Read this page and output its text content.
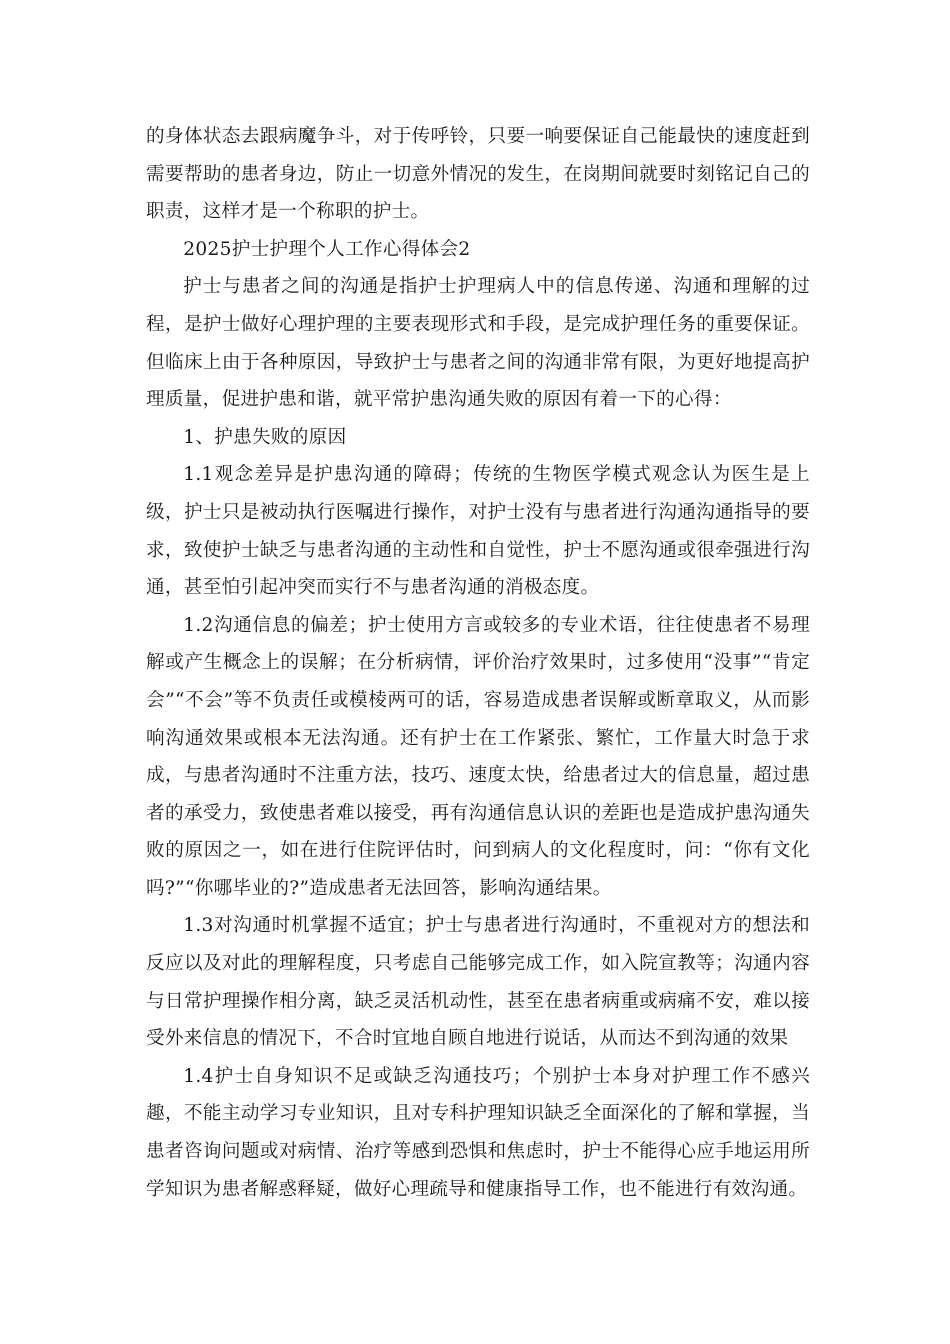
的身体状态去跟病魔争斗，对于传呼铃，只要一响要保证自己能最快的速度赶到需要帮助的患者身边，防止一切意外情况的发生，在岗期间就要时刻铭记自己的职责，这样才是一个称职的护士。

2025护士护理个人工作心得体会2

护士与患者之间的沟通是指护士护理病人中的信息传递、沟通和理解的过程，是护士做好心理护理的主要表现形式和手段，是完成护理任务的重要保证。但临床上由于各种原因，导致护士与患者之间的沟通非常有限，为更好地提高护理质量，促进护患和谐，就平常护患沟通失败的原因有着一下的心得：

1、护患失败的原因

1.1观念差异是护患沟通的障碍；传统的生物医学模式观念认为医生是上级，护士只是被动执行医嘱进行操作，对护士没有与患者进行沟通沟通指导的要求，致使护士缺乏与患者沟通的主动性和自觉性，护士不愿沟通或很牵强进行沟通，甚至怕引起冲突而实行不与患者沟通的消极态度。

1.2沟通信息的偏差；护士使用方言或较多的专业术语，往往使患者不易理解或产生概念上的误解；在分析病情，评价治疗效果时，过多使用“没事”“肯定会”“不会”等不负责任或模棱两可的话，容易造成患者误解或断章取义，从而影响沟通效果或根本无法沟通。还有护士在工作紧张、繁忙，工作量大时急于求成，与患者沟通时不注重方法，技巧、速度太快，给患者过大的信息量，超过患者的承受力，致使患者难以接受，再有沟通信息认识的差距也是造成护患沟通失败的原因之一，如在进行住院评估时，问到病人的文化程度时，问：“你有文化吗?”“你哪毕业的?”造成患者无法回答，影响沟通结果。

1.3对沟通时机掌握不适宜；护士与患者进行沟通时，不重视对方的想法和反应以及对此的理解程度，只考虑自己能够完成工作，如入院宣教等；沟通内容与日常护理操作相分离，缺乏灵活机动性，甚至在患者病重或病痛不安，难以接受外来信息的情况下，不合时宜地自顾自地进行说话，从而达不到沟通的效果

1.4护士自身知识不足或缺乏沟通技巧；个别护士本身对护理工作不感兴趣，不能主动学习专业知识，且对专科护理知识缺乏全面深化的了解和掌握，当患者咨询问题或对病情、治疗等感到恐惧和焦虑时，护士不能得心应手地运用所学知识为患者解惑释疑，做好心理疏导和健康指导工作，也不能进行有效沟通。
